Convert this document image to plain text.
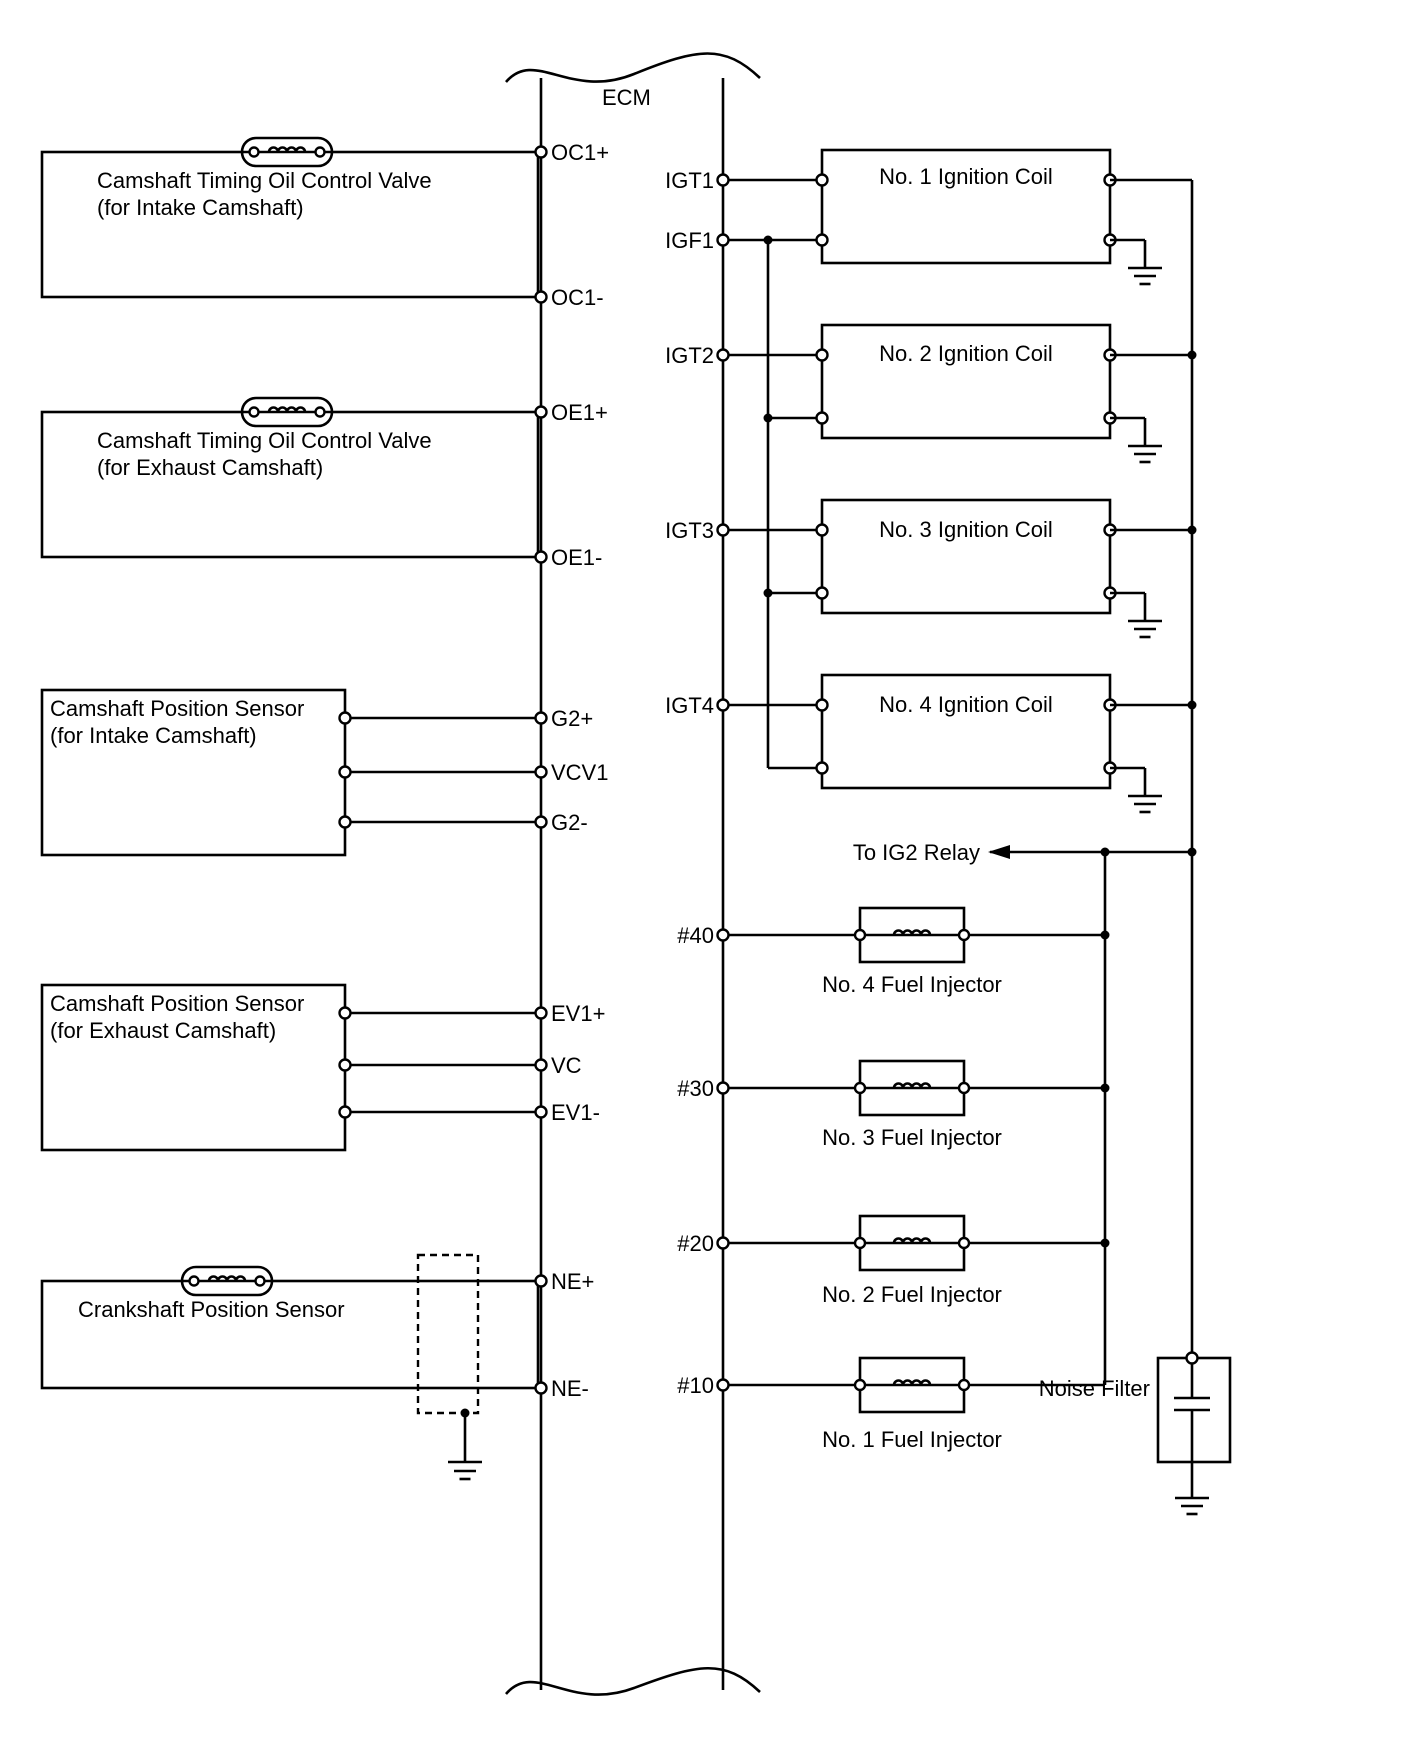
ECM
OC1+
OC1-
OE1+
OE1-
G2+
VCV1
G2-
EV1+
VC
EV1-
NE+
NE-
IGT1
IGF1
IGT2
IGT3
IGT4
#40
#30
#20
#10
Camshaft Timing Oil Control Valve
(for Intake Camshaft)
Camshaft Timing Oil Control Valve
(for Exhaust Camshaft)
Camshaft Position Sensor
(for Intake Camshaft)
Camshaft Position Sensor
(for Exhaust Camshaft)
Crankshaft Position Sensor
No. 1 Ignition Coil
No. 2 Ignition Coil
No. 3 Ignition Coil
No. 4 Ignition Coil
No. 4 Fuel Injector
No. 3 Fuel Injector
No. 2 Fuel Injector
No. 1 Fuel Injector
To IG2 Relay
Noise Filter
